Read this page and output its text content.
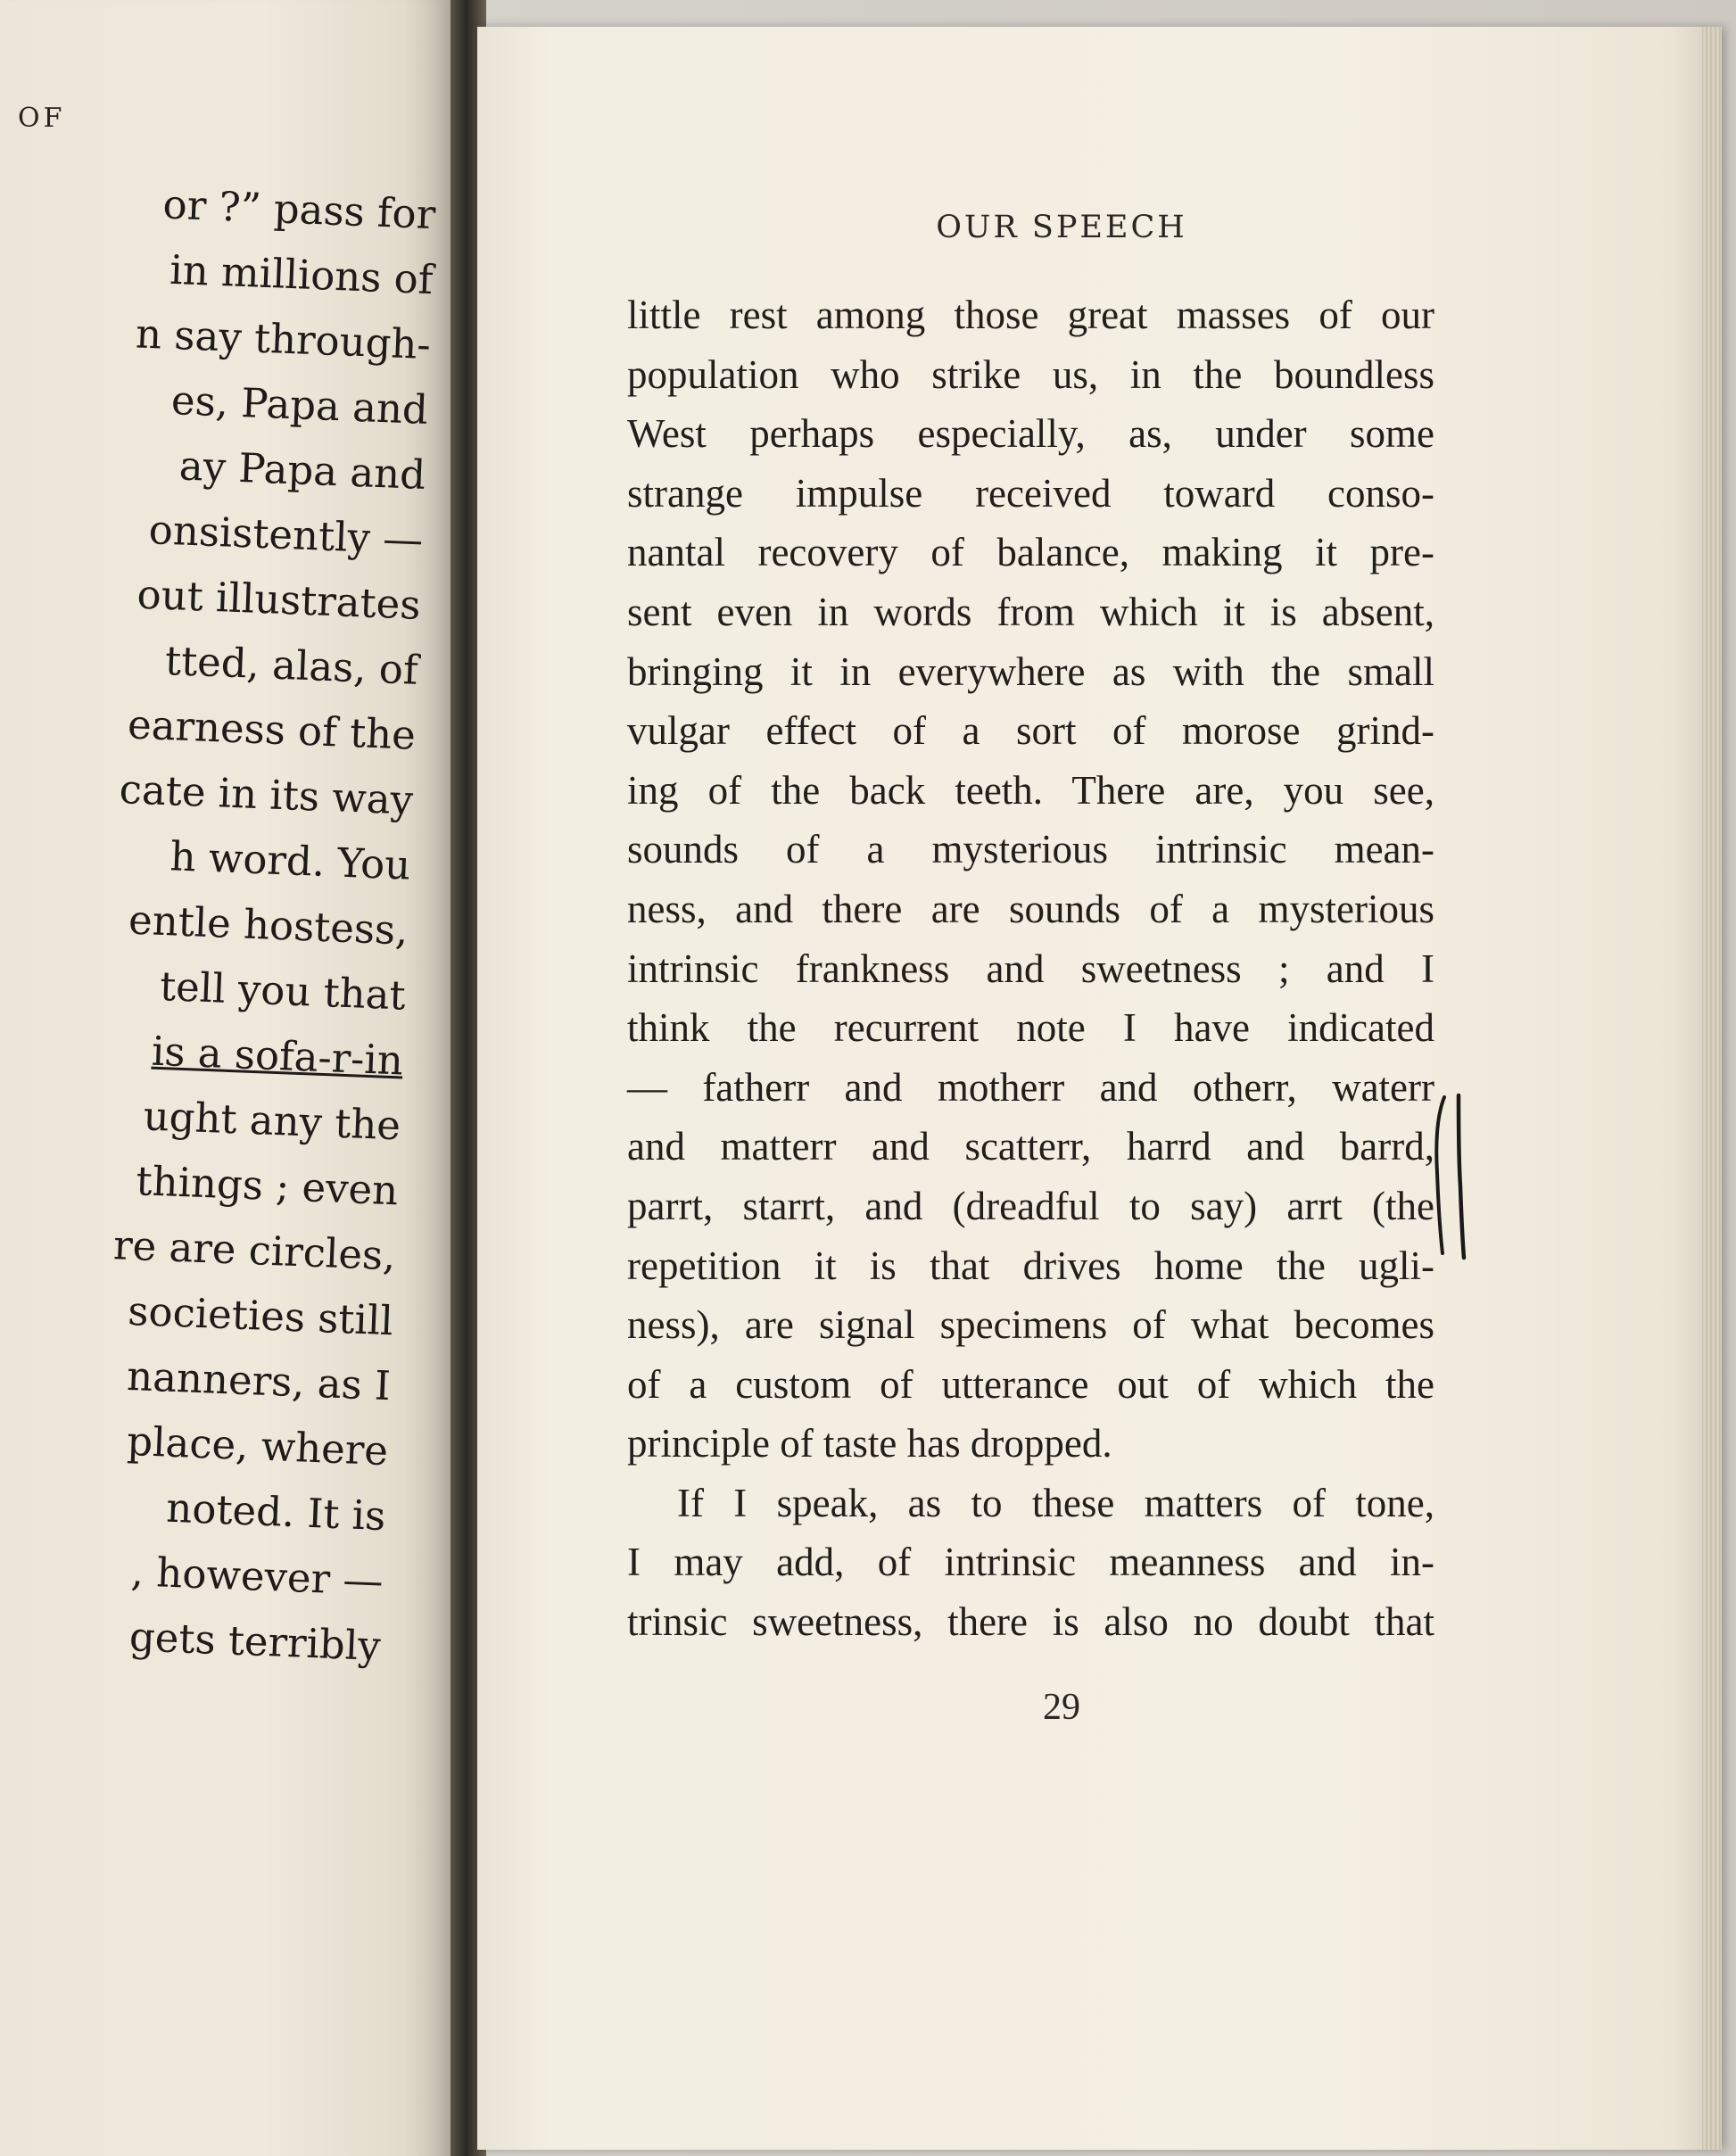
OF
or ?” pass for
in millions of
n say through-
es, Papa and
ay Papa and
onsistently —
out illustrates
tted, alas, of
earness of the
cate in its way
h word. You
entle hostess,
tell you that
is a sofa-r-in
ught any the
things ; even
re are circles,
societies still
nanners, as I
place, where
noted. It is
, however —
gets terribly
OUR SPEECH
little rest among those great masses of our
population who strike us, in the boundless
West perhaps especially, as, under some
strange impulse received toward conso-
nantal recovery of balance, making it pre-
sent even in words from which it is absent,
bringing it in everywhere as with the small
vulgar effect of a sort of morose grind-
ing of the back teeth. There are, you see,
sounds of a mysterious intrinsic mean-
ness, and there are sounds of a mysterious
intrinsic frankness and sweetness ; and I
think the recurrent note I have indicated
— fatherr and motherr and otherr, waterr
and matterr and scatterr, harrd and barrd,
parrt, starrt, and (dreadful to say) arrt (the
repetition it is that drives home the ugli-
ness), are signal specimens of what becomes
of a custom of utterance out of which the
principle of taste has dropped.
If I speak, as to these matters of tone,
I may add, of intrinsic meanness and in-
trinsic sweetness, there is also no doubt that
29
